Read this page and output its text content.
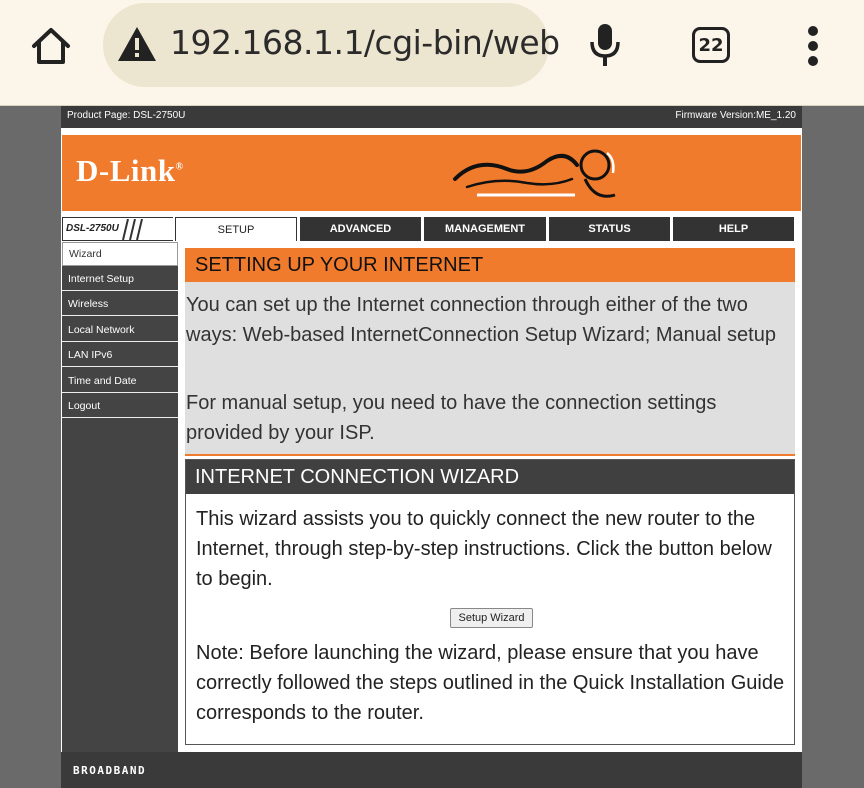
192.168.1.1/cgi-bin/web	22
Product Page: DSL-2750U	Firmware Version:ME_1.20
D-Link®
DSL-2750U	SETUP	ADVANCED	MANAGEMENT	STATUS	HELP
Wizard
Internet Setup
Wireless
Local Network
LAN IPv6
Time and Date
Logout
SETTING UP YOUR INTERNET

You can set up the Internet connection through either of the two ways: Web-based InternetConnection Setup Wizard; Manual setup

For manual setup, you need to have the connection settings provided by your ISP.

INTERNET CONNECTION WIZARD

This wizard assists you to quickly connect the new router to the Internet, through step-by-step instructions. Click the button below to begin.

Setup Wizard

Note: Before launching the wizard, please ensure that you have correctly followed the steps outlined in the Quick Installation Guide corresponds to the router.

BROADBAND
